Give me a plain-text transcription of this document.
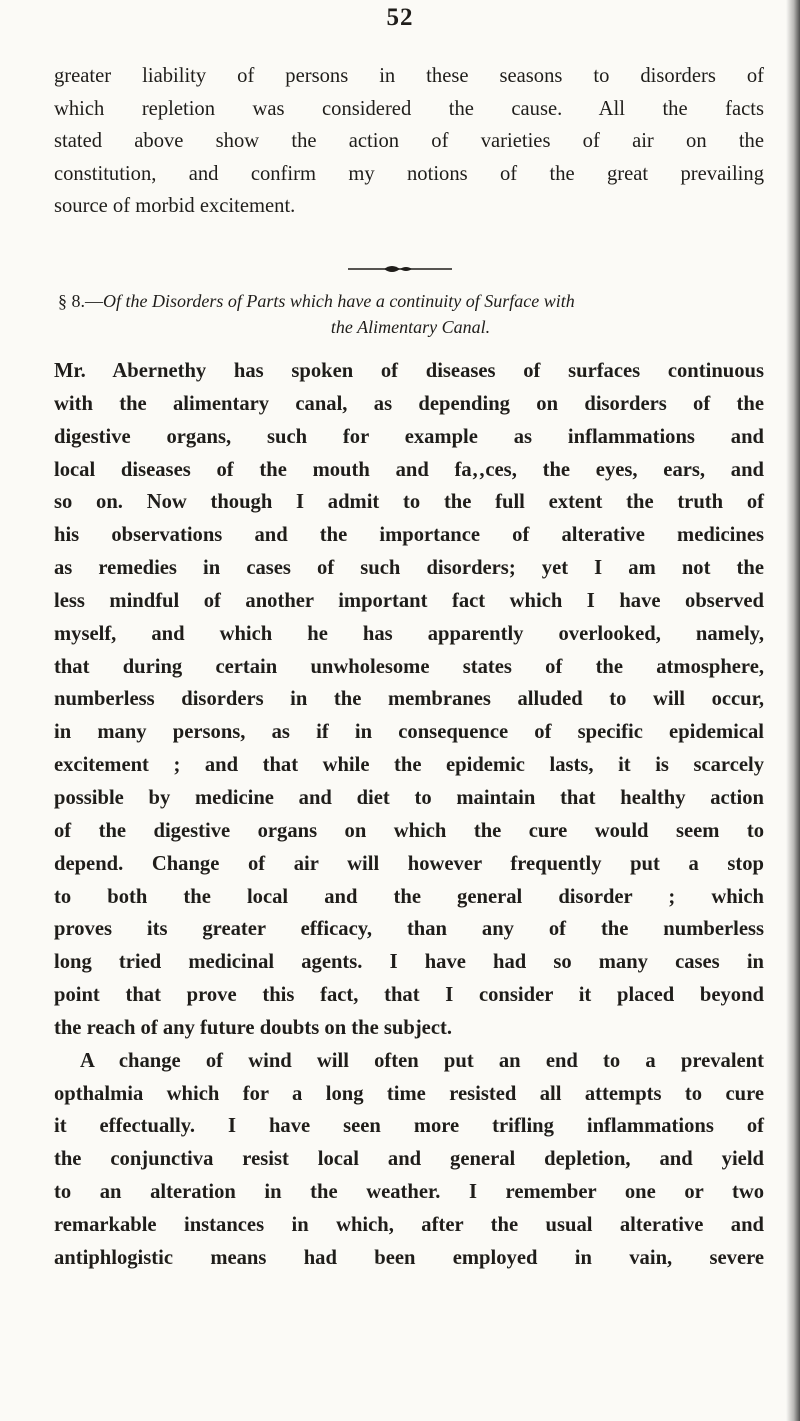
52
greater liability of persons in these seasons to disorders of
which repletion was considered the cause. All the facts
stated above show the action of varieties of air on the
constitution, and confirm my notions of the great prevailing
source of morbid excitement.
§ 8.—Of the Disorders of Parts which have a continuity of Surface with
the Alimentary Canal.
Mr. Abernethy has spoken of diseases of surfaces continuous
with the alimentary canal, as depending on disorders of the
digestive organs, such for example as inflammations and
local diseases of the mouth and fa‚‚ces, the eyes, ears, and
so on. Now though I admit to the full extent the truth of
his observations and the importance of alterative medicines
as remedies in cases of such disorders; yet I am not the
less mindful of another important fact which I have observed
myself, and which he has apparently overlooked, namely,
that during certain unwholesome states of the atmosphere,
numberless disorders in the membranes alluded to will occur,
in many persons, as if in consequence of specific epidemical
excitement ; and that while the epidemic lasts, it is scarcely
possible by medicine and diet to maintain that healthy action
of the digestive organs on which the cure would seem to
depend. Change of air will however frequently put a stop
to both the local and the general disorder ; which
proves its greater efficacy, than any of the numberless
long tried medicinal agents. I have had so many cases in
point that prove this fact, that I consider it placed beyond
the reach of any future doubts on the subject.
A change of wind will often put an end to a prevalent
opthalmia which for a long time resisted all attempts to cure
it effectually. I have seen more trifling inflammations of
the conjunctiva resist local and general depletion, and yield
to an alteration in the weather. I remember one or two
remarkable instances in which, after the usual alterative and
antiphlogistic means had been employed in vain, severe
